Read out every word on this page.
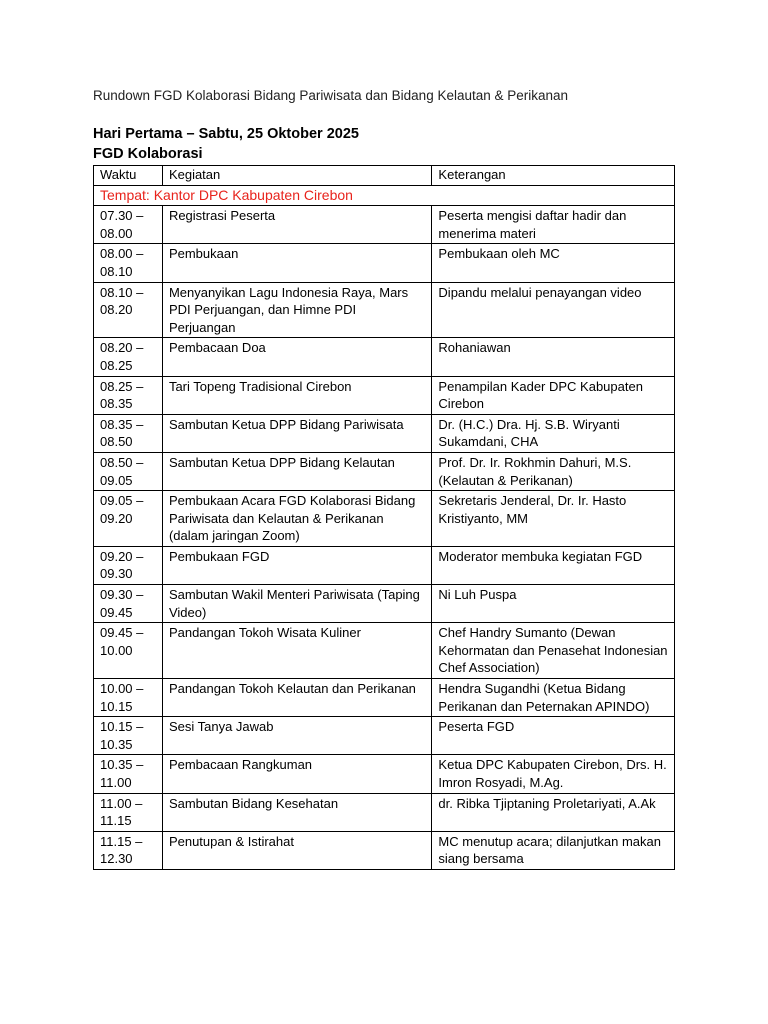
Rundown FGD Kolaborasi Bidang Pariwisata dan Bidang Kelautan & Perikanan
Hari Pertama – Sabtu, 25 Oktober 2025
FGD Kolaborasi
Waktu	Kegiatan	Keterangan
Tempat: Kantor DPC Kabupaten Cirebon		
07.30 – 08.00	Registrasi Peserta	Peserta mengisi daftar hadir dan menerima materi
08.00 – 08.10	Pembukaan	Pembukaan oleh MC
08.10 – 08.20	Menyanyikan Lagu Indonesia Raya, Mars PDI Perjuangan, dan Himne PDI Perjuangan	Dipandu melalui penayangan video
08.20 – 08.25	Pembacaan Doa	Rohaniawan
08.25 – 08.35	Tari Topeng Tradisional Cirebon	Penampilan Kader DPC Kabupaten Cirebon
08.35 – 08.50	Sambutan Ketua DPP Bidang Pariwisata	Dr. (H.C.) Dra. Hj. S.B. Wiryanti Sukamdani, CHA
08.50 – 09.05	Sambutan Ketua DPP Bidang Kelautan	Prof. Dr. Ir. Rokhmin Dahuri, M.S. (Kelautan & Perikanan)
09.05 – 09.20	Pembukaan Acara FGD Kolaborasi Bidang Pariwisata dan Kelautan & Perikanan (dalam jaringan Zoom)	Sekretaris Jenderal, Dr. Ir. Hasto Kristiyanto, MM
09.20 – 09.30	Pembukaan FGD	Moderator membuka kegiatan FGD
09.30 – 09.45	Sambutan Wakil Menteri Pariwisata (Taping Video)	Ni Luh Puspa
09.45 – 10.00	Pandangan Tokoh Wisata Kuliner	Chef Handry Sumanto (Dewan Kehormatan dan Penasehat Indonesian Chef Association)
10.00 – 10.15	Pandangan Tokoh Kelautan dan Perikanan	Hendra Sugandhi (Ketua Bidang Perikanan dan Peternakan APINDO)
10.15 – 10.35	Sesi Tanya Jawab	Peserta FGD
10.35 – 11.00	Pembacaan Rangkuman	Ketua DPC Kabupaten Cirebon, Drs. H. Imron Rosyadi, M.Ag.
11.00 – 11.15	Sambutan Bidang Kesehatan	dr. Ribka Tjiptaning Proletariyati, A.Ak
11.15 – 12.30	Penutupan & Istirahat	MC menutup acara; dilanjutkan makan siang bersama
